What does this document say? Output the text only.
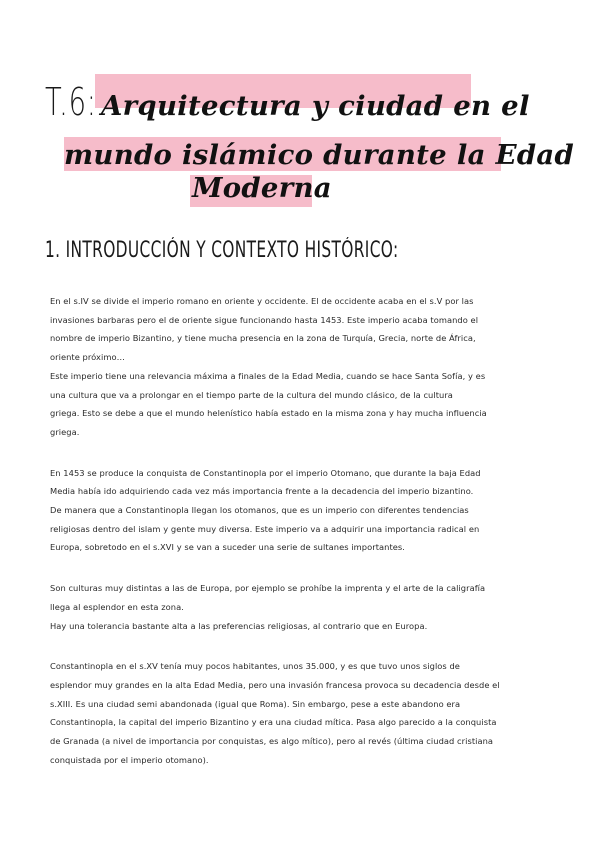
T.6: Arquitectura y ciudad en el
mundo islámico durante la Edad
Moderna
1. INTRODUCCIÓN Y CONTEXTO HISTÓRICO:
En el s.IV se divide el imperio romano en oriente y occidente. El de occidente acaba en el s.V por las
invasiones barbaras pero el de oriente sigue funcionando hasta 1453. Este imperio acaba tomando el
nombre de imperio Bizantino, y tiene mucha presencia en la zona de Turquía, Grecia, norte de África,
oriente próximo…
Este imperio tiene una relevancia máxima a finales de la Edad Media, cuando se hace Santa Sofía, y es
una cultura que va a prolongar en el tiempo parte de la cultura del mundo clásico, de la cultura
griega. Esto se debe a que el mundo helenístico había estado en la misma zona y hay mucha influencia
griega.
En 1453 se produce la conquista de Constantinopla por el imperio Otomano, que durante la baja Edad
Media había ido adquiriendo cada vez más importancia frente a la decadencia del imperio bizantino.
De manera que a Constantinopla llegan los otomanos, que es un imperio con diferentes tendencias
religiosas dentro del islam y gente muy diversa. Este imperio va a adquirir una importancia radical en
Europa, sobretodo en el s.XVI y se van a suceder una serie de sultanes importantes.
Son culturas muy distintas a las de Europa, por ejemplo se prohíbe la imprenta y el arte de la caligrafía
llega al esplendor en esta zona.
Hay una tolerancia bastante alta a las preferencias religiosas, al contrario que en Europa.
Constantinopla en el s.XV tenía muy pocos habitantes, unos 35.000, y es que tuvo unos siglos de
esplendor muy grandes en la alta Edad Media, pero una invasión francesa provoca su decadencia desde el
s.XIII. Es una ciudad semi abandonada (igual que Roma). Sin embargo, pese a este abandono era
Constantinopla, la capital del imperio Bizantino y era una ciudad mítica. Pasa algo parecido a la conquista
de Granada (a nivel de importancia por conquistas, es algo mítico), pero al revés (última ciudad cristiana
conquistada por el imperio otomano).
